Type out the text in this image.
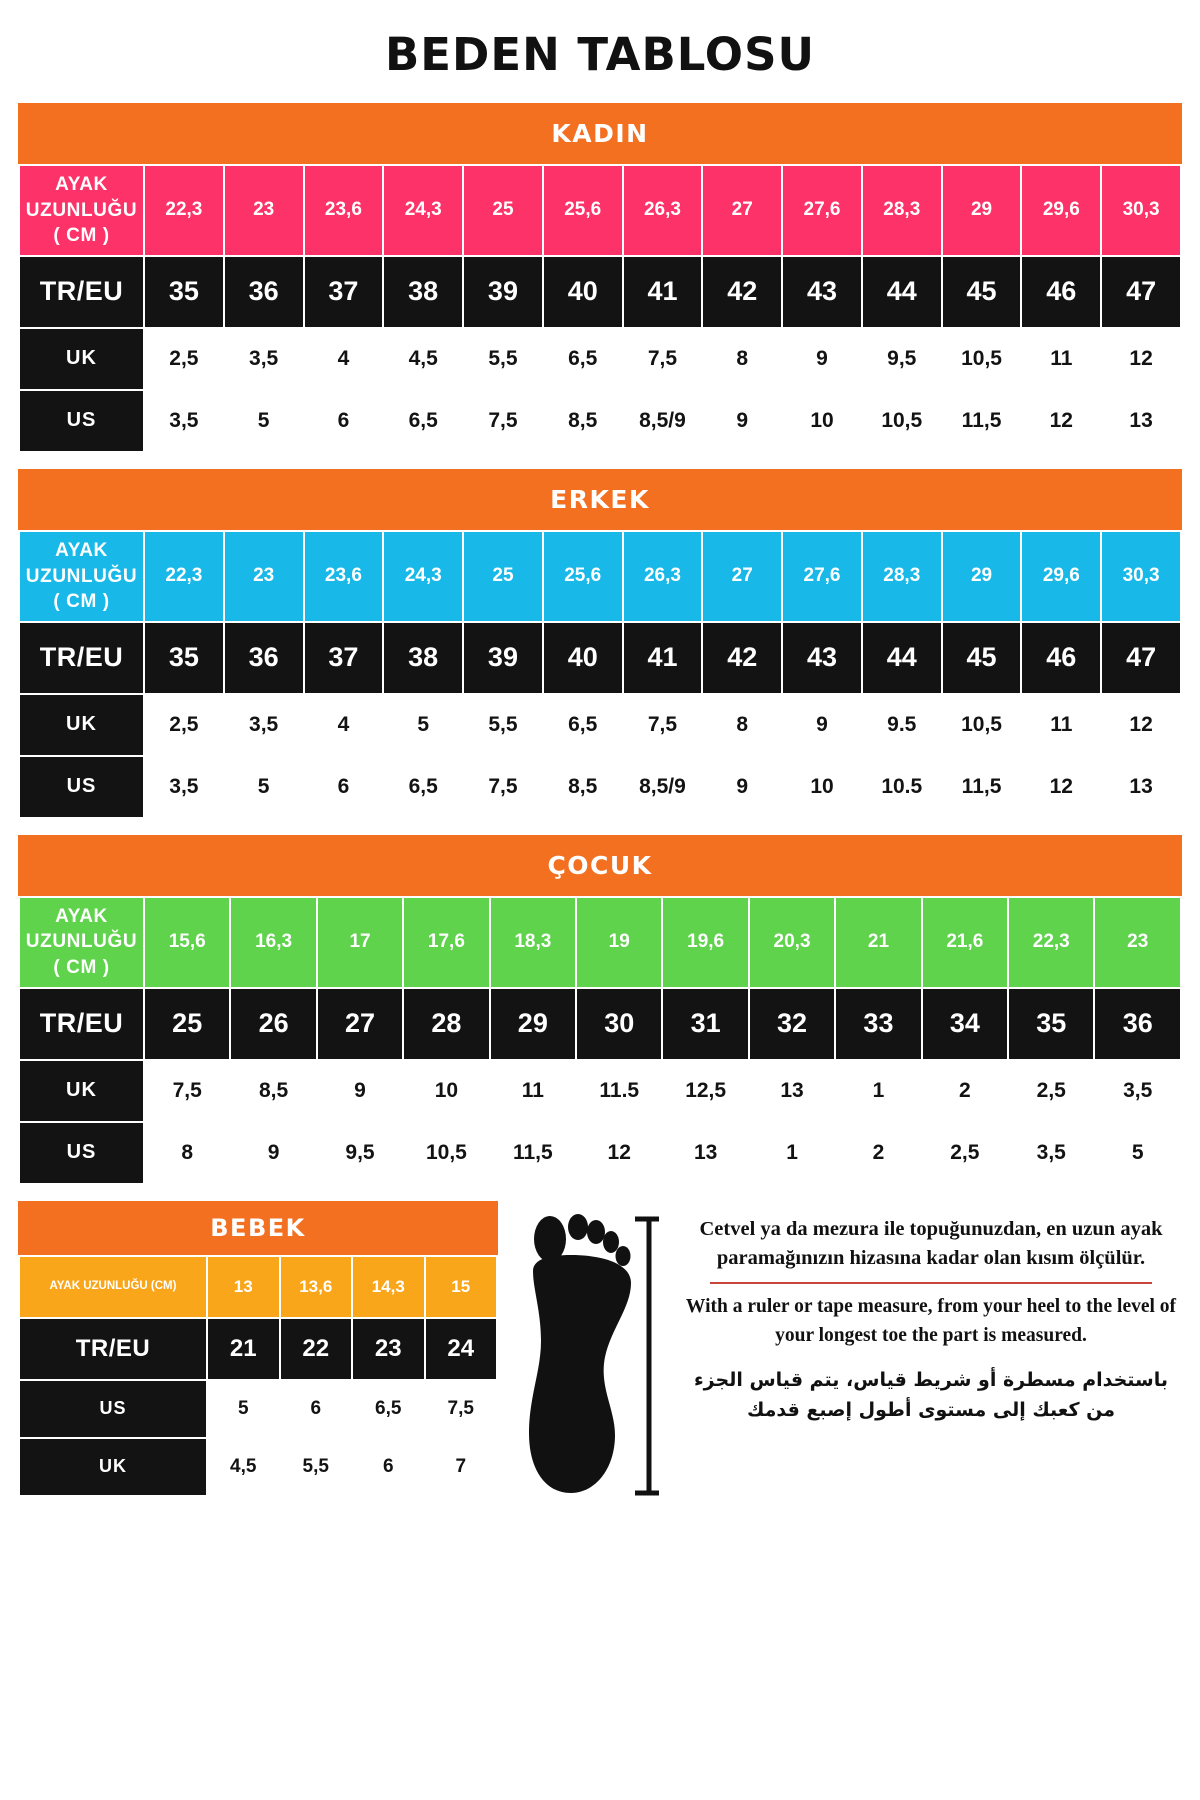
BEDEN TABLOSU
KADIN
AYAK UZUNLUĞU ( CM )	22,3	23	23,6	24,3	25	25,6	26,3	27	27,6	28,3	29	29,6	30,3
TR/EU	35	36	37	38	39	40	41	42	43	44	45	46	47
UK	2,5	3,5	4	4,5	5,5	6,5	7,5	8	9	9,5	10,5	11	12
US	3,5	5	6	6,5	7,5	8,5	8,5/9	9	10	10,5	11,5	12	13
ERKEK
AYAK UZUNLUĞU ( CM )	22,3	23	23,6	24,3	25	25,6	26,3	27	27,6	28,3	29	29,6	30,3
TR/EU	35	36	37	38	39	40	41	42	43	44	45	46	47
UK	2,5	3,5	4	5	5,5	6,5	7,5	8	9	9.5	10,5	11	12
US	3,5	5	6	6,5	7,5	8,5	8,5/9	9	10	10.5	11,5	12	13
ÇOCUK
AYAK UZUNLUĞU ( CM )	15,6	16,3	17	17,6	18,3	19	19,6	20,3	21	21,6	22,3	23
TR/EU	25	26	27	28	29	30	31	32	33	34	35	36
UK	7,5	8,5	9	10	11	11.5	12,5	13	1	2	2,5	3,5
US	8	9	9,5	10,5	11,5	12	13	1	2	2,5	3,5	5
BEBEK
AYAK UZUNLUĞU (CM)	13	13,6	14,3	15
TR/EU	21	22	23	24
US	5	6	6,5	7,5
UK	4,5	5,5	6	7
Cetvel ya da mezura ile topuğunuzdan, en uzun ayak paramağınızın hizasına kadar olan kısım ölçülür.
With a ruler or tape measure, from your heel to the level of your longest toe the part is measured.
باستخدام مسطرة أو شريط قياس، يتم قياس الجزء من كعبك إلى مستوى أطول إصبع قدمك
